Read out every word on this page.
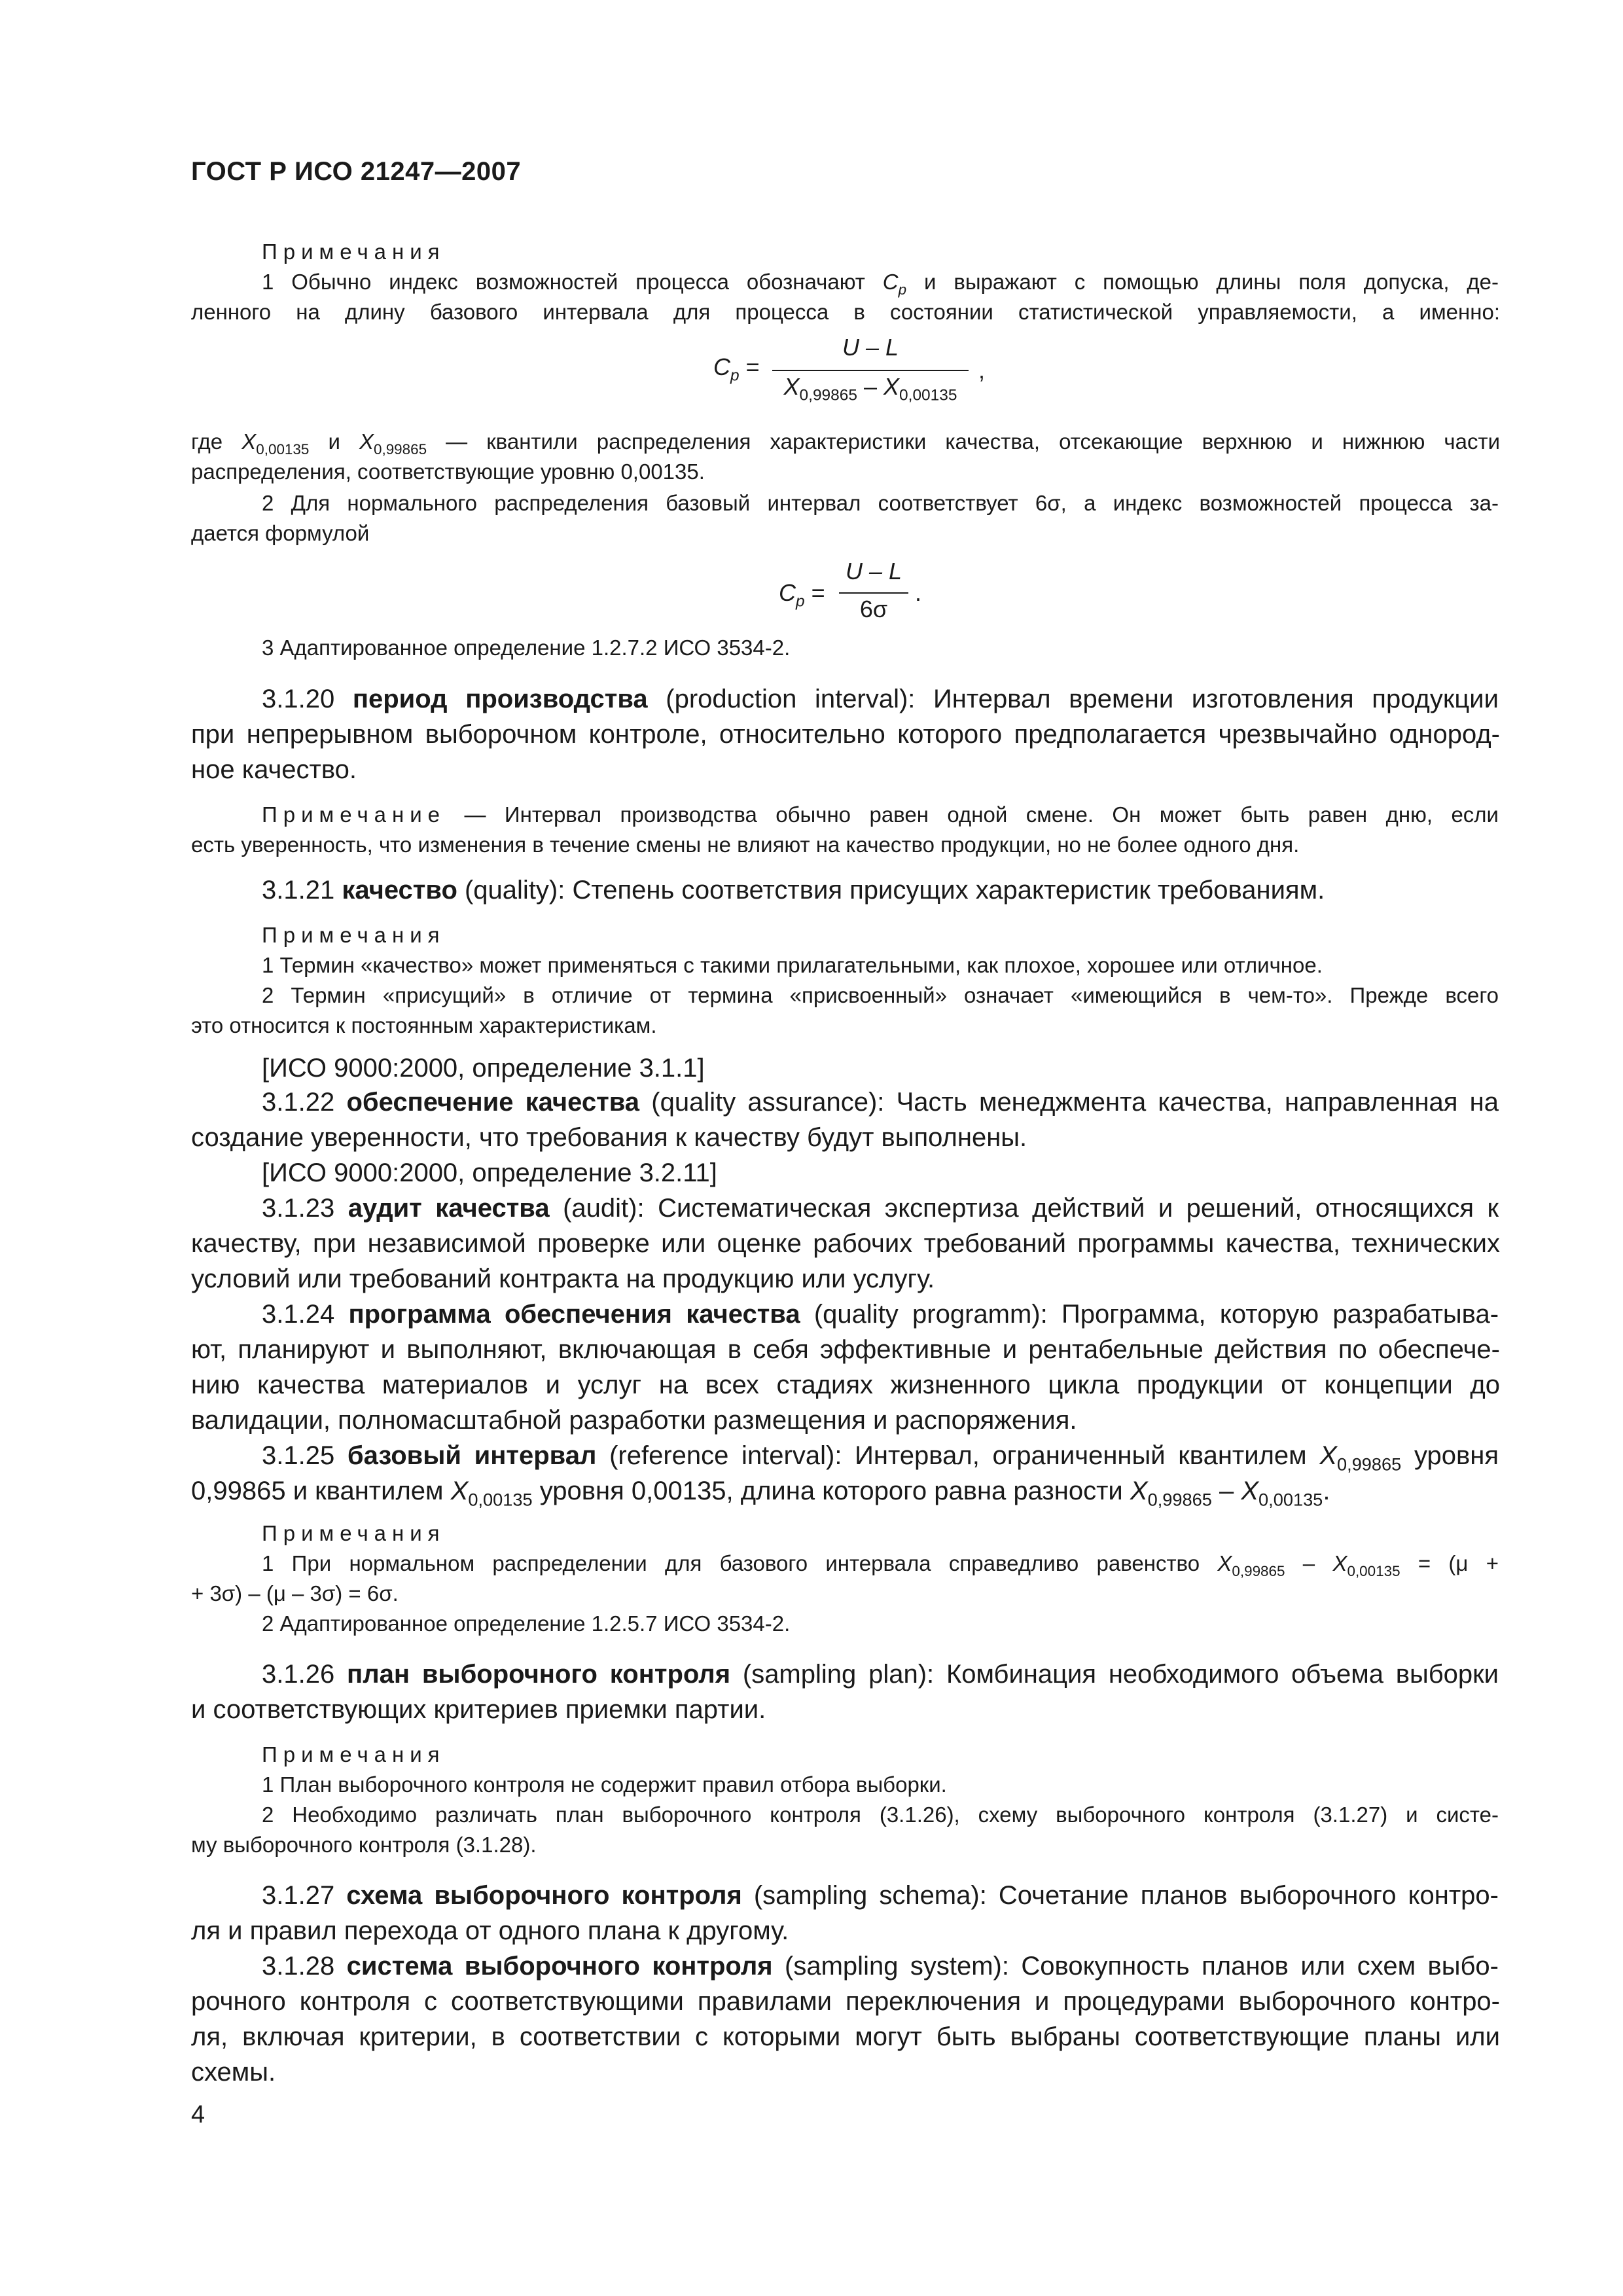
ГОСТ Р ИСО 21247—2007
Примечания
1 Обычно индекс возможностей процесса обозначают $C_p$ и выражают с помощью длины поля допуска, де-
ленного на длину базового интервала для процесса в состоянии статистической управляемости, а именно:
$C_p$ =
U – L
$X_{0,99865} - X_{0,00135}$
,
где $X_{0,00135}$ и $X_{0,99865}$ — квантили распределения характеристики качества, отсекающие верхнюю и нижнюю части
распределения, соответствующие уровню 0,00135.
2 Для нормального распределения базовый интервал соответствует 6σ, а индекс возможностей процесса за-
дается формулой
$C_p$ =
U – L
6σ
.
3 Адаптированное определение 1.2.7.2 ИСО 3534-2.
3.1.20 период производства (production interval): Интервал времени изготовления продукции
при непрерывном выборочном контроле, относительно которого предполагается чрезвычайно однород-
ное качество.
Примечание — Интервал производства обычно равен одной смене. Он может быть равен дню, если
есть уверенность, что изменения в течение смены не влияют на качество продукции, но не более одного дня.
3.1.21 качество (quality): Степень соответствия присущих характеристик требованиям.
Примечания
1 Термин «качество» может применяться с такими прилагательными, как плохое, хорошее или отличное.
2 Термин «присущий» в отличие от термина «присвоенный» означает «имеющийся в чем-то». Прежде всего
это относится к постоянным характеристикам.
[ИСО 9000:2000, определение 3.1.1]
3.1.22 обеспечение качества (quality assurance): Часть менеджмента качества, направленная на
создание уверенности, что требования к качеству будут выполнены.
[ИСО 9000:2000, определение 3.2.11]
3.1.23 аудит качества (audit): Систематическая экспертиза действий и решений, относящихся к
качеству, при независимой проверке или оценке рабочих требований программы качества, технических
условий или требований контракта на продукцию или услугу.
3.1.24 программа обеспечения качества (quality programm): Программа, которую разрабатыва-
ют, планируют и выполняют, включающая в себя эффективные и рентабельные действия по обеспече-
нию качества материалов и услуг на всех стадиях жизненного цикла продукции от концепции до
валидации, полномасштабной разработки размещения и распоряжения.
3.1.25 базовый интервал (reference interval): Интервал, ограниченный квантилем $X_{0,99865}$ уровня
0,99865 и квантилем $X_{0,00135}$ уровня 0,00135, длина которого равна разности $X_{0,99865} - X_{0,00135}$.
Примечания
1 При нормальном распределении для базового интервала справедливо равенство $X_{0,99865} - X_{0,00135} = (\mu$ +
+ 3σ) – (μ – 3σ) = 6σ.
2 Адаптированное определение 1.2.5.7 ИСО 3534-2.
3.1.26 план выборочного контроля (sampling plan): Комбинация необходимого объема выборки
и соответствующих критериев приемки партии.
Примечания
1 План выборочного контроля не содержит правил отбора выборки.
2 Необходимо различать план выборочного контроля (3.1.26), схему выборочного контроля (3.1.27) и систе-
му выборочного контроля (3.1.28).
3.1.27 схема выборочного контроля (sampling schema): Сочетание планов выборочного контро-
ля и правил перехода от одного плана к другому.
3.1.28 система выборочного контроля (sampling system): Совокупность планов или схем выбо-
рочного контроля с соответствующими правилами переключения и процедурами выборочного контро-
ля, включая критерии, в соответствии с которыми могут быть выбраны соответствующие планы или
схемы.
4
